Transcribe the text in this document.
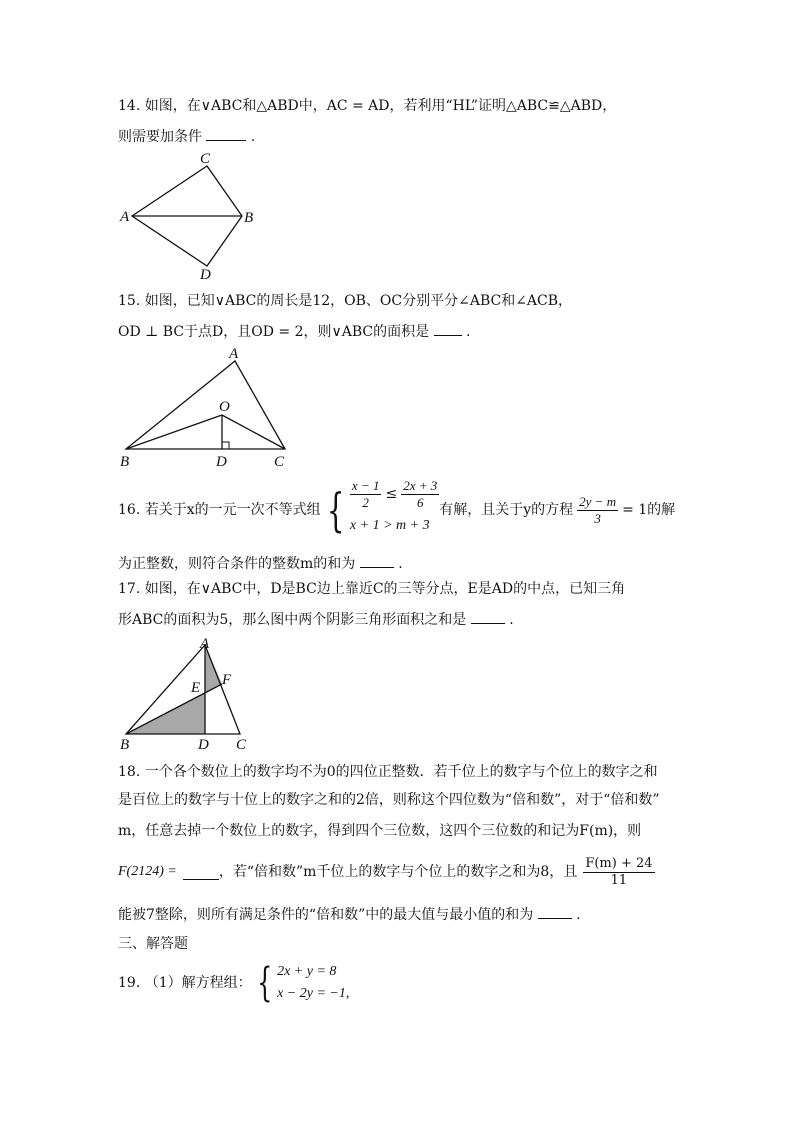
14. 如图，在∨ABC和△ABD中，AC = AD，若利用“HL”证明△ABC≌△ABD，
则需要加条件	.
C
A	B
D
15. 如图，已知∨ABC的周长是12，OB、OC分别平分∠ABC和∠ACB，
OD ⊥ BC于点D，且OD = 2，则∨ABC的面积是	.
A
O
B	D	C
16. 若关于x的一元一次不等式组 { $\frac{x - 1}{2} \le \frac{2x + 3}{6}$
x + 1 > m + 3
有解，且关于y的方程 $\frac{2y - m}{3} = 1$的解
为正整数，则符合条件的整数m的和为	.
17. 如图，在∨ABC中，D是BC边上靠近C的三等分点，E是AD的中点，已知三角
形ABC的面积为5，那么图中两个阴影三角形面积之和是	.
A
E F
B	D C
18. 一个各个数位上的数字均不为0的四位正整数．若千位上的数字与个位上的数字之和
是百位上的数字与十位上的数字之和的2倍，则称这个四位数为“倍和数”，对于“倍和数”
m，任意去掉一个数位上的数字，得到四个三位数，这四个三位数的和记为F(m)，则
F(2124) =	，若“倍和数”m千位上的数字与个位上的数字之和为8，且 $\frac{F(m) + 24}{11}$
能被7整除，则所有满足条件的“倍和数”中的最大值与最小值的和为	.
三、解答题
19. （1）解方程组： { 2x + y = 8
x − 2y = −1,
